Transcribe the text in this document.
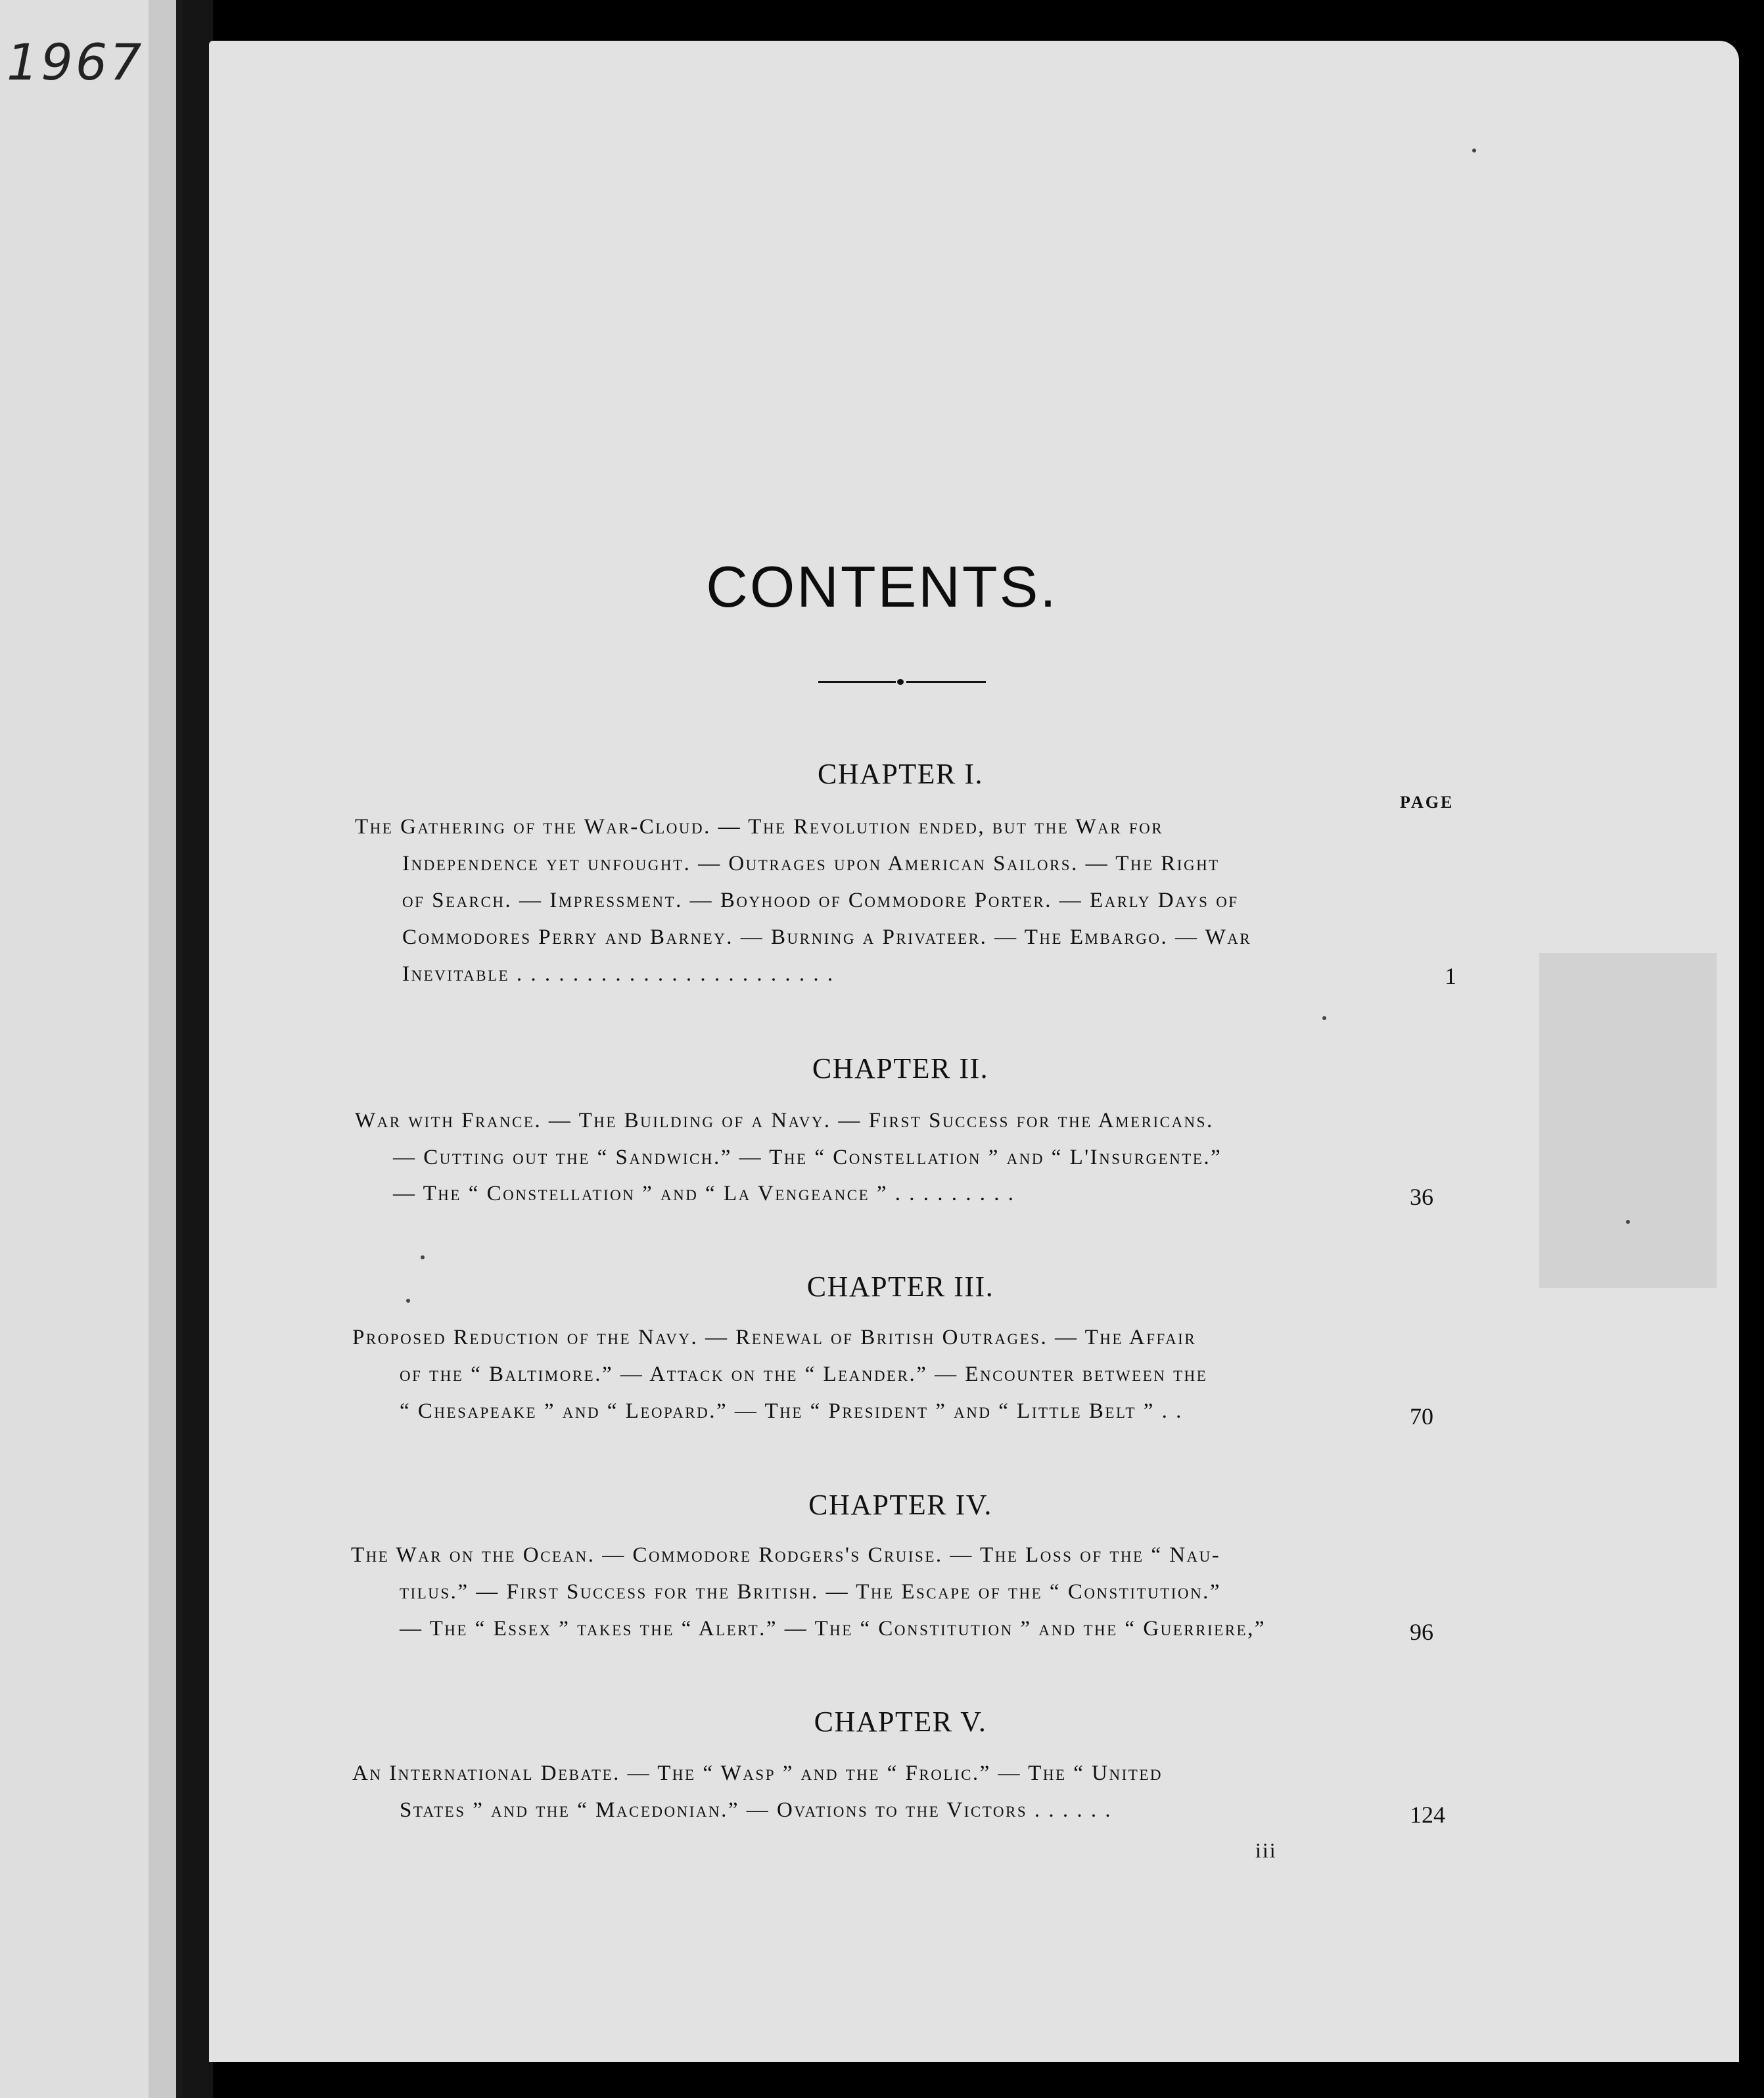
1967
CONTENTS.
PAGE
CHAPTER I.
The Gathering of the War-Cloud. — The Revolution ended, but the War for
Independence yet unfought. — Outrages upon American Sailors. — The Right
of Search. — Impressment. — Boyhood of Commodore Porter. — Early Days of
Commodores Perry and Barney. — Burning a Privateer. — The Embargo. — War
Inevitable . . . . . . . . . . . . . . . . . . . . . . .	1
CHAPTER II.
War with France. — The Building of a Navy. — First Success for the Americans.
— Cutting out the “ Sandwich.” — The “ Constellation ” and “ L'Insurgente.”
— The “ Constellation ” and “ La Vengeance ” . . . . . . . . .	36
CHAPTER III.
Proposed Reduction of the Navy. — Renewal of British Outrages. — The Affair
of the “ Baltimore.” — Attack on the “ Leander.” — Encounter between the
“ Chesapeake ” and “ Leopard.” — The “ President ” and “ Little Belt ” . .	70
CHAPTER IV.
The War on the Ocean. — Commodore Rodgers's Cruise. — The Loss of the “ Nau-
tilus.” — First Success for the British. — The Escape of the “ Constitution.”
— The “ Essex ” takes the “ Alert.” — The “ Constitution ” and the “ Guerriere,”	96
CHAPTER V.
An International Debate. — The “ Wasp ” and the “ Frolic.” — The “ United
States ” and the “ Macedonian.” — Ovations to the Victors . . . . . .	124
iii
